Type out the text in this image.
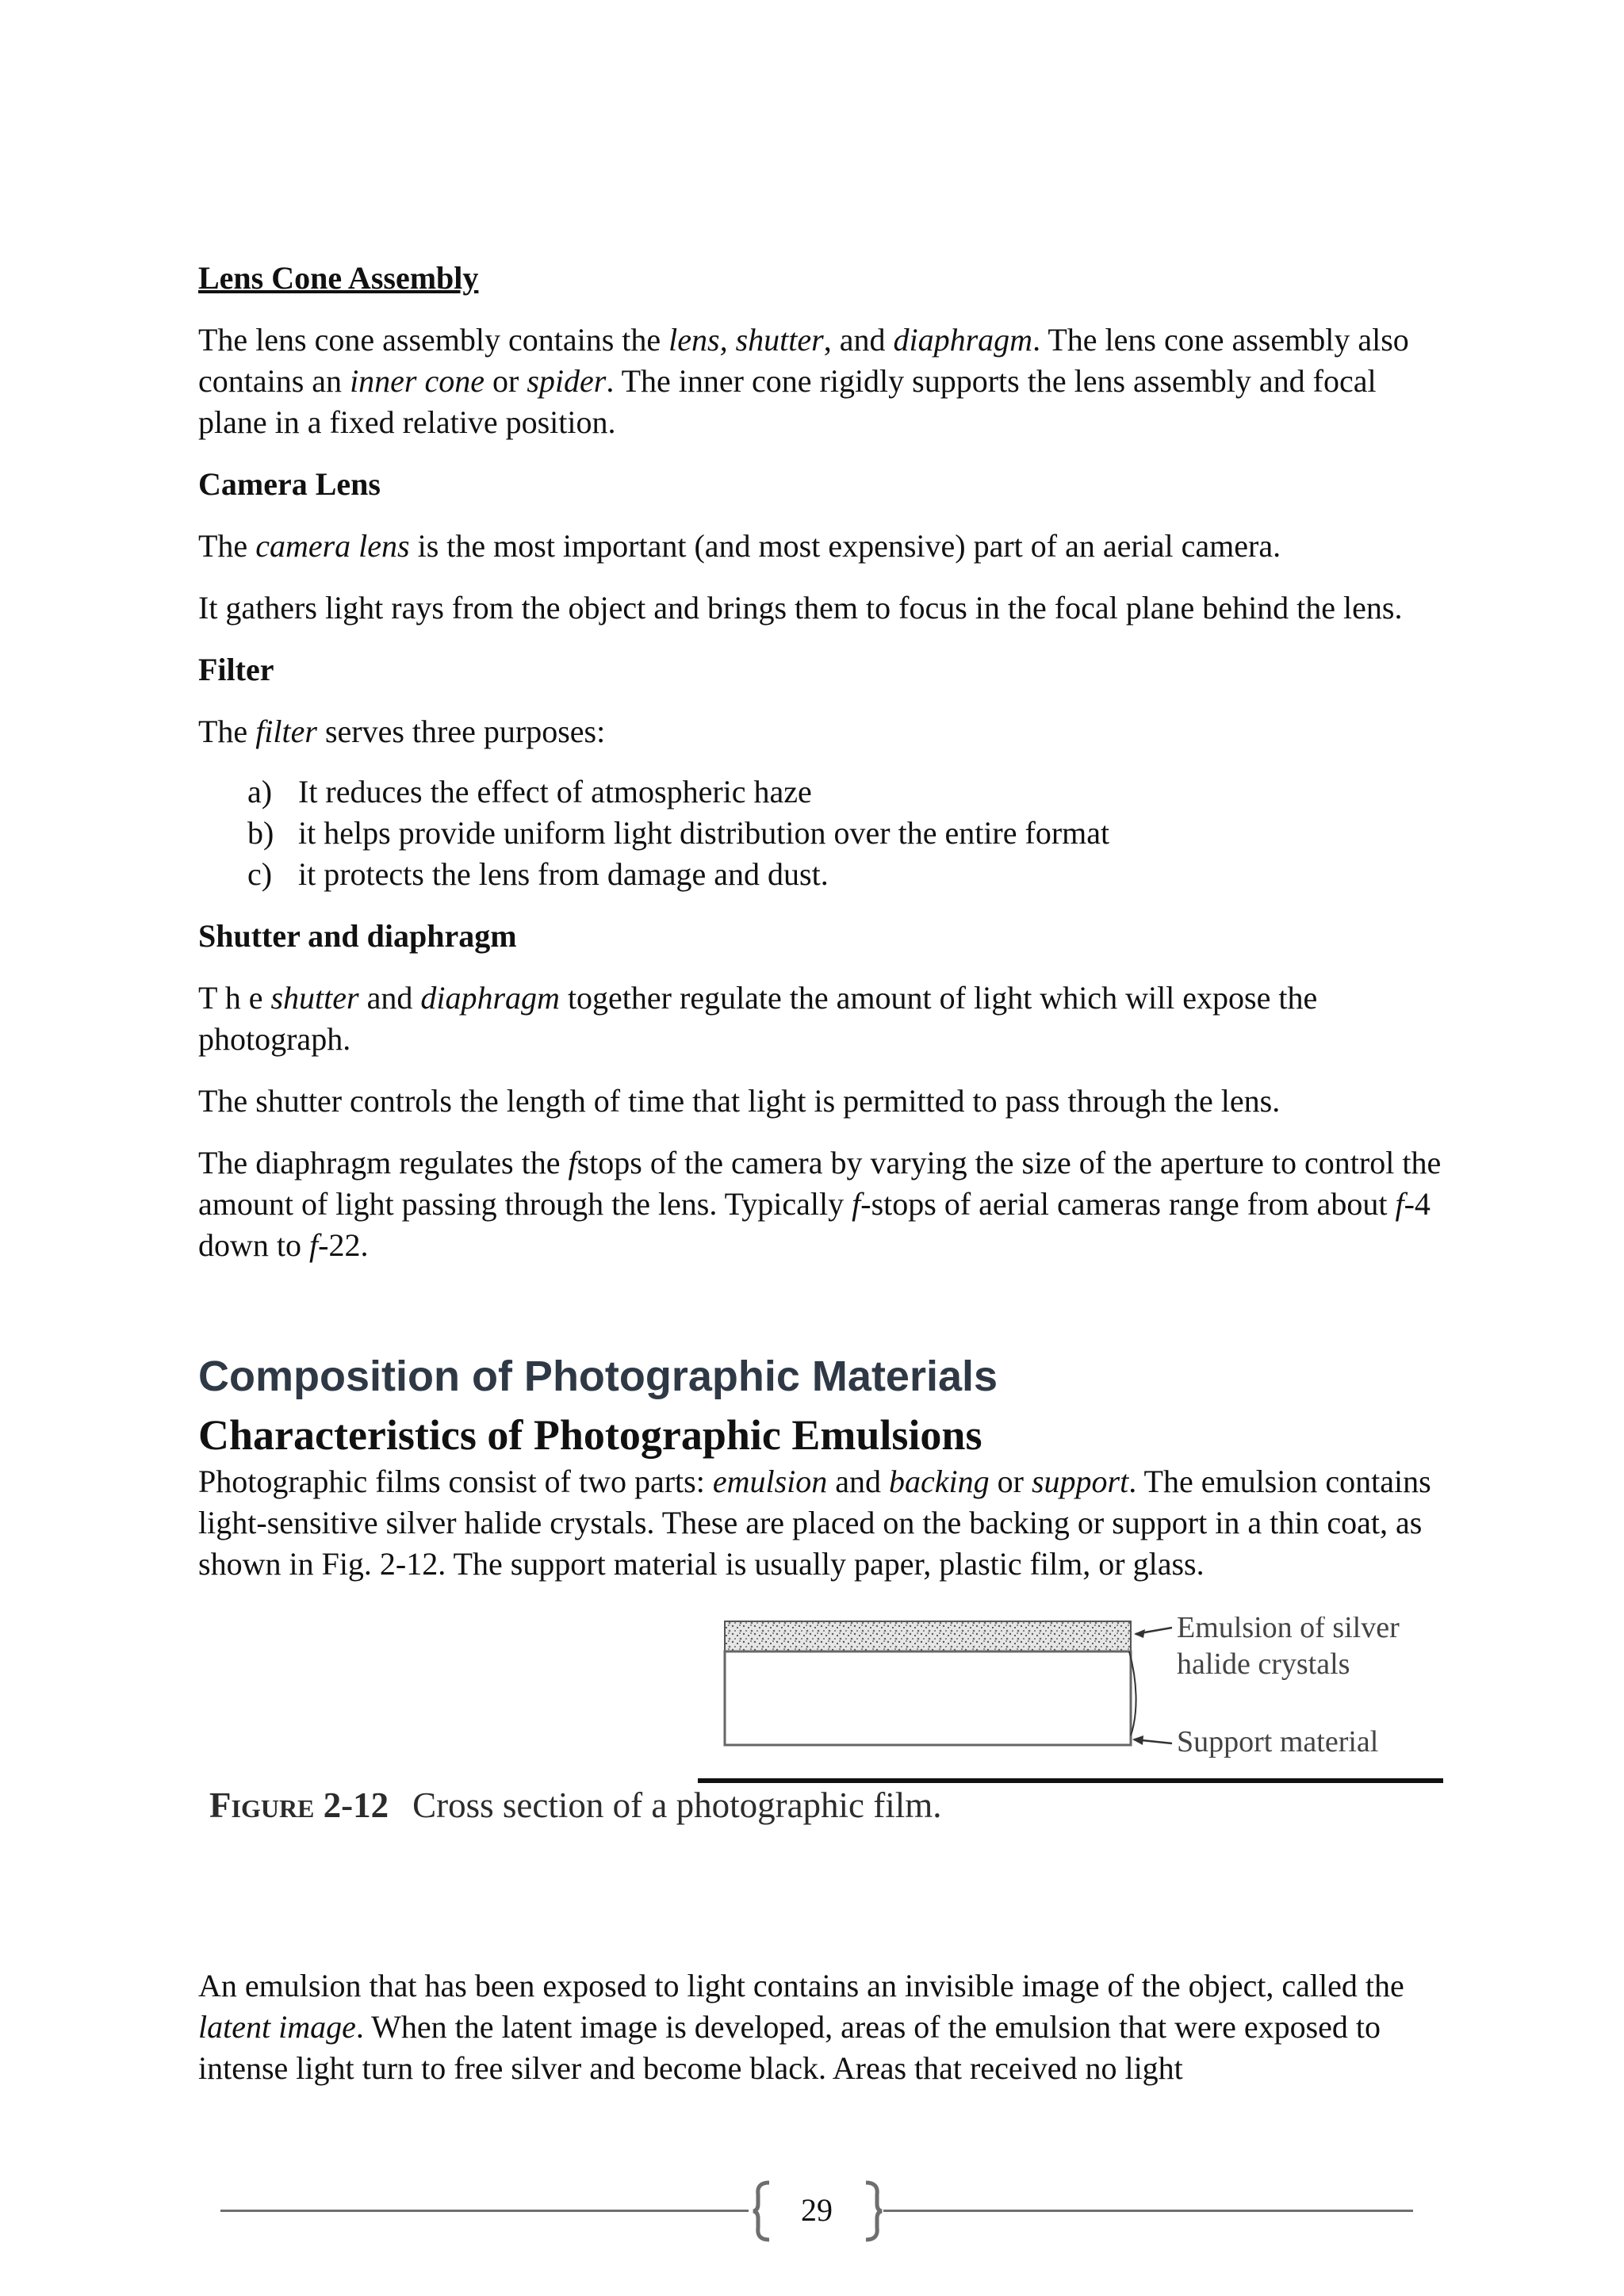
Lens Cone Assembly

The lens cone assembly contains the lens, shutter, and diaphragm. The lens cone assembly also contains an inner cone or spider. The inner cone rigidly supports the lens assembly and focal plane in a fixed relative position.

Camera Lens

The camera lens is the most important (and most expensive) part of an aerial camera.

It gathers light rays from the object and brings them to focus in the focal plane behind the lens.

Filter

The filter serves three purposes:

a) It reduces the effect of atmospheric haze
b) it helps provide uniform light distribution over the entire format
c) it protects the lens from damage and dust.
Shutter and diaphragm

T h e shutter and diaphragm together regulate the amount of light which will expose the photograph.

The shutter controls the length of time that light is permitted to pass through the lens.

The diaphragm regulates the fstops of the camera by varying the size of the aperture to control the amount of light passing through the lens. Typically f-stops of aerial cameras range from about f-4 down to f-22.

Composition of Photographic Materials
Characteristics of Photographic Emulsions

Photographic films consist of two parts: emulsion and backing or support. The emulsion contains light-sensitive silver halide crystals. These are placed on the backing or support in a thin coat, as shown in Fig. 2-12. The support material is usually paper, plastic film, or glass.

Emulsion of silver
halide crystals
Support material
Figure 2-12 Cross section of a photographic film.

An emulsion that has been exposed to light contains an invisible image of the object, called the latent image. When the latent image is developed, areas of the emulsion that were exposed to intense light turn to free silver and become black. Areas that received no light

29
